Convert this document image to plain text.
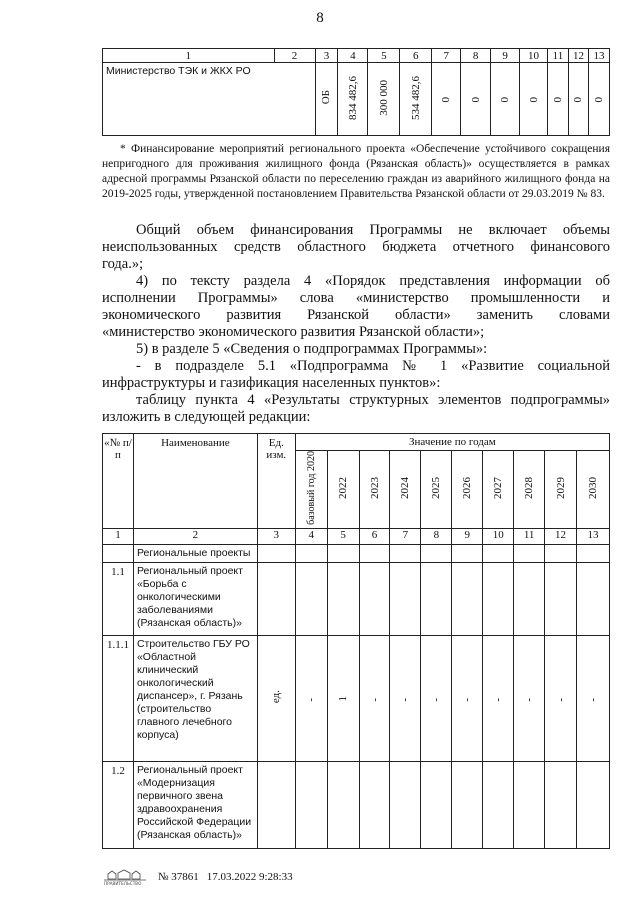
8
1	2	3	4	5	6	7	8	9	10	11	12	13
Министерство ТЭК и ЖКХ РО		ОБ	834 482,6	300 000	534 482,6	0	0	0	0	0	0	0
* Финансирование мероприятий регионального проекта «Обеспечение устойчивого сокращения непригодного для проживания жилищного фонда (Рязанская область)» осуществляется в рамках адресной программы Рязанской области по переселению граждан из аварийного жилищного фонда на 2019-2025 годы, утвержденной постановлением Правительства Рязанской области от 29.03.2019 № 83.
Общий объем финансирования Программы не включает объемы
неиспользованных средств областного бюджета отчетного финансового
года.»;
4) по тексту раздела 4 «Порядок представления информации об
исполнении Программы» слова «министерство промышленности и
экономического развития Рязанской области» заменить словами
«министерство экономического развития Рязанской области»;
5) в разделе 5 «Сведения о подпрограммах Программы»:
- в подразделе 5.1 «Подпрограмма № 1 «Развитие социальной
инфраструктуры и газификация населенных пунктов»:
таблицу пункта 4 «Результаты структурных элементов подпрограммы»
изложить в следующей редакции:
«№ п/п	Наименование	Ед. изм.	Значение по годам									
			базовый год 2020	2022	2023	2024	2025	2026	2027	2028	2029	2030
1	2	3	4	5	6	7	8	9	10	11	12	13
	Региональные проекты											
1.1	Региональный проект «Борьба с онкологическими заболеваниями (Рязанская область)»											
1.1.1	Строительство ГБУ РО «Областной клинический онкологический диспансер», г. Рязань (строительство главного лечебного корпуса)	ед.	-	1	-	-	-	-	-	-	-	-
1.2	Региональный проект «Модернизация первичного звена здравоохранения Российской Федерации (Рязанская область)»											
ПРАВИТЕЛЬСТВО
№ 37861 17.03.2022 9:28:33
